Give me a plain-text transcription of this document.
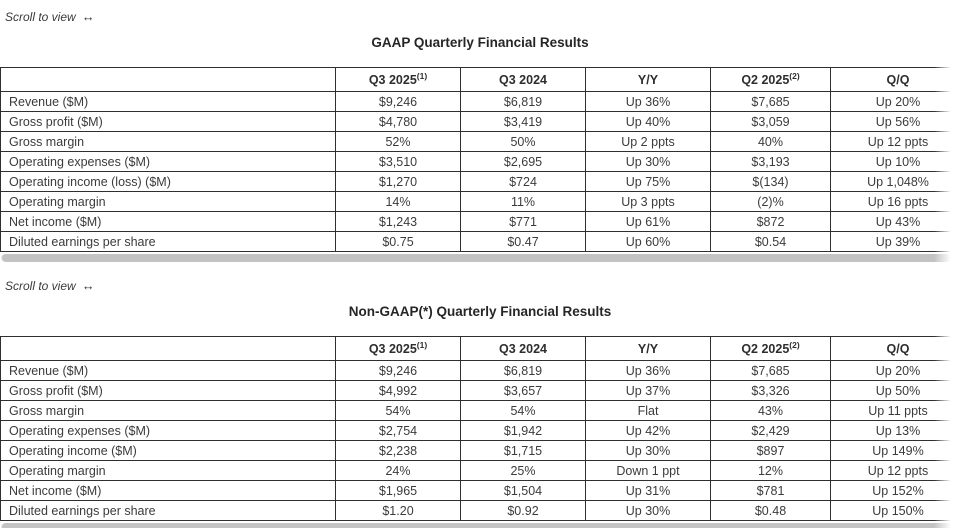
Scroll to view ↔
GAAP Quarterly Financial Results
	Q3 2025$^{(1)}$	Q3 2024	Y/Y	Q2 2025$^{(2)}$	Q/Q
Revenue ($M)	$9,246	$6,819	Up 36%	$7,685	Up 20%
Gross profit ($M)	$4,780	$3,419	Up 40%	$3,059	Up 56%
Gross margin	52%	50%	Up 2 ppts	40%	Up 12 ppts
Operating expenses ($M)	$3,510	$2,695	Up 30%	$3,193	Up 10%
Operating income (loss) ($M)	$1,270	$724	Up 75%	$(134)	Up 1,048%
Operating margin	14%	11%	Up 3 ppts	(2)%	Up 16 ppts
Net income ($M)	$1,243	$771	Up 61%	$872	Up 43%
Diluted earnings per share	$0.75	$0.47	Up 60%	$0.54	Up 39%
Scroll to view ↔
Non-GAAP(*) Quarterly Financial Results
	Q3 2025$^{(1)}$	Q3 2024	Y/Y	Q2 2025$^{(2)}$	Q/Q
Revenue ($M)	$9,246	$6,819	Up 36%	$7,685	Up 20%
Gross profit ($M)	$4,992	$3,657	Up 37%	$3,326	Up 50%
Gross margin	54%	54%	Flat	43%	Up 11 ppts
Operating expenses ($M)	$2,754	$1,942	Up 42%	$2,429	Up 13%
Operating income ($M)	$2,238	$1,715	Up 30%	$897	Up 149%
Operating margin	24%	25%	Down 1 ppt	12%	Up 12 ppts
Net income ($M)	$1,965	$1,504	Up 31%	$781	Up 152%
Diluted earnings per share	$1.20	$0.92	Up 30%	$0.48	Up 150%
